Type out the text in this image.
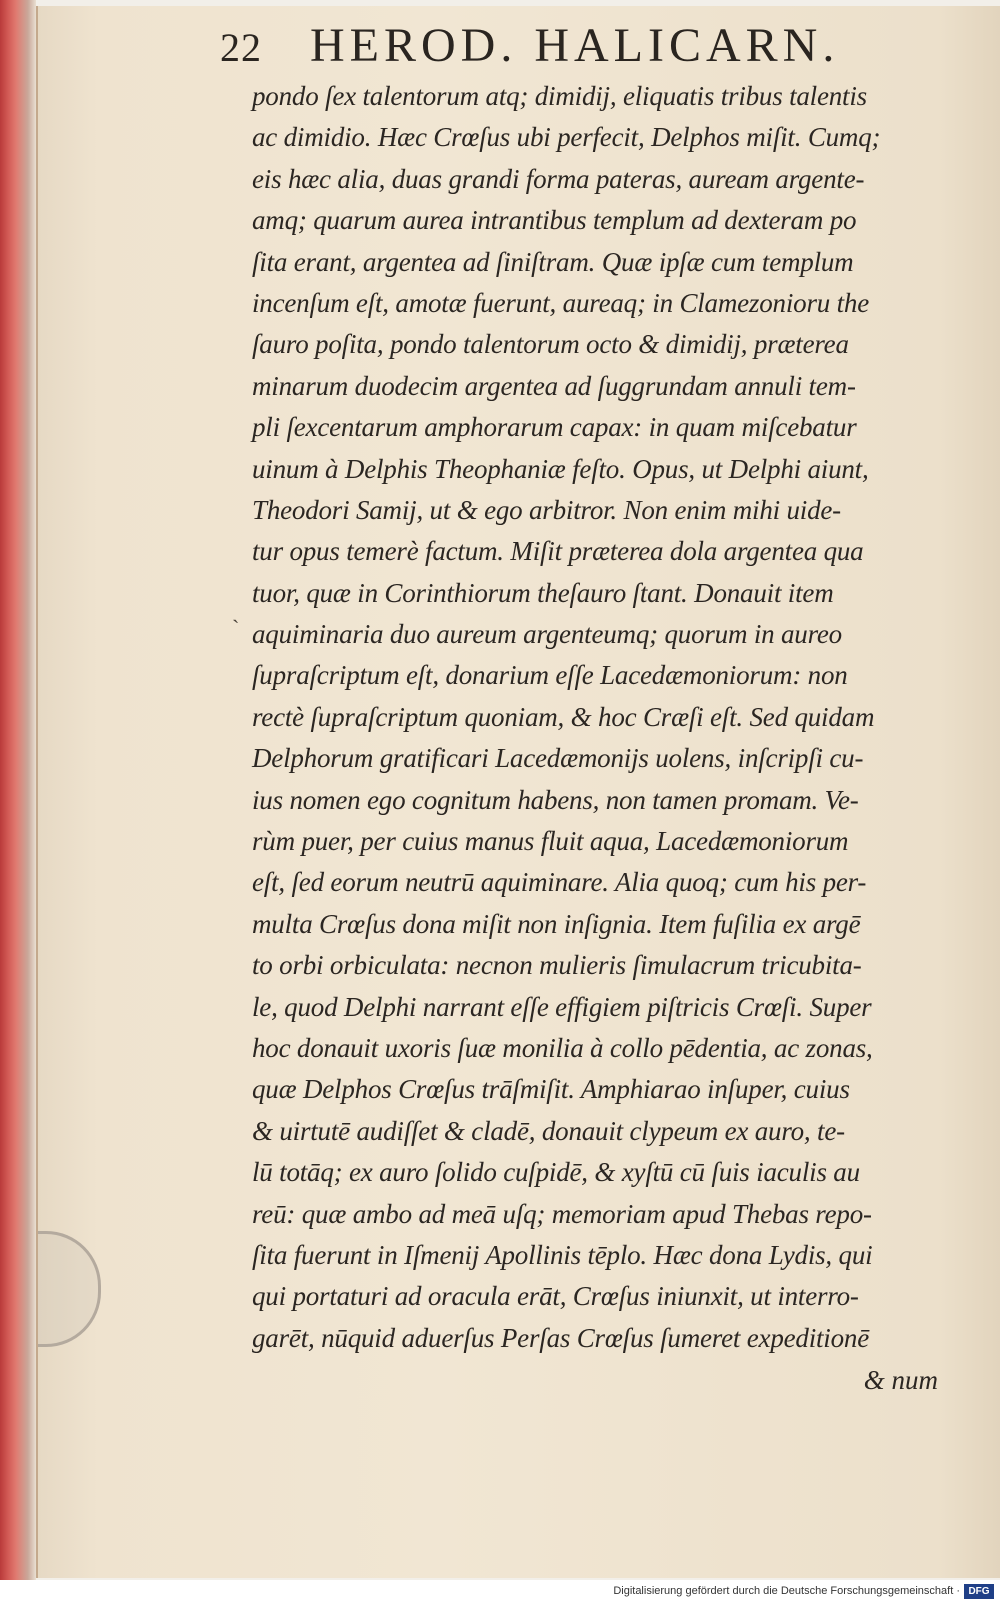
22 HEROD. HALICARN.
`
pondo ſex talentorum atq; dimidij, eliquatis tribus talentis
ac dimidio. Hæc Crœſus ubi perfecit, Delphos miſit. Cumq;
eis hæc alia, duas grandi forma pateras, auream argente-
amq; quarum aurea intrantibus templum ad dexteram po
ſita erant, argentea ad ſiniſtram. Quæ ipſæ cum templum
incenſum eſt, amotæ fuerunt, aureaq; in Clamezonioru the
ſauro poſita, pondo talentorum octo & dimidij, præterea
minarum duodecim argentea ad ſuggrundam annuli tem-
pli ſexcentarum amphorarum capax: in quam miſcebatur
uinum à Delphis Theophaniæ feſto. Opus, ut Delphi aiunt,
Theodori Samij, ut & ego arbitror. Non enim mihi uide-
tur opus temerè factum. Miſit præterea dola argentea qua
tuor, quæ in Corinthiorum theſauro ſtant. Donauit item
aquiminaria duo aureum argenteumq; quorum in aureo
ſupraſcriptum eſt, donarium eſſe Lacedæmoniorum: non
rectè ſupraſcriptum quoniam, & hoc Cræſi eſt. Sed quidam
Delphorum gratificari Lacedæmonijs uolens, inſcripſi cu-
ius nomen ego cognitum habens, non tamen promam. Ve-
rùm puer, per cuius manus fluit aqua, Lacedæmoniorum
eſt, ſed eorum neutrū aquiminare. Alia quoq; cum his per-
multa Crœſus dona miſit non inſignia. Item fuſilia ex argē
to orbi orbiculata: necnon mulieris ſimulacrum tricubita-
le, quod Delphi narrant eſſe effigiem piſtricis Crœſi. Super
hoc donauit uxoris ſuæ monilia à collo pēdentia, ac zonas,
quæ Delphos Crœſus trāſmiſit. Amphiarao inſuper, cuius
& uirtutē audiſſet & cladē, donauit clypeum ex auro, te-
lū totāq; ex auro ſolido cuſpidē, & xyſtū cū ſuis iaculis au
reū: quæ ambo ad meā uſq; memoriam apud Thebas repo-
ſita fuerunt in Iſmenij Apollinis tēplo. Hæc dona Lydis, qui
qui portaturi ad oracula erāt, Crœſus iniunxit, ut interro-
garēt, nūquid aduerſus Perſas Crœſus ſumeret expeditionē
& num
Digitalisierung gefördert durch die Deutsche Forschungsgemeinschaft · DFG
